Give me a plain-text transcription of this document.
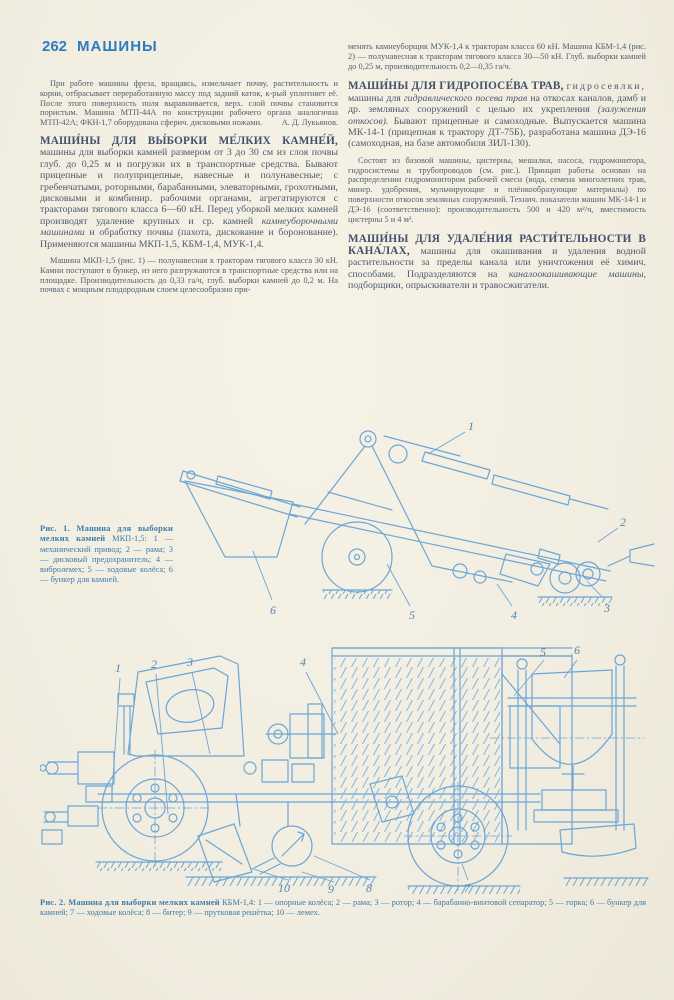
262 МАШИНЫ

При работе машины фреза, вращаясь, измельчает почву, растительность и корни, отбрасывает переработанную массу под задний каток, к-рый уплотняет её. После этого поверхность поля выравнивается, верх. слой почвы становится пористым. Машина МТП-44А по конструкции рабочего органа аналогична МТП-42А; ФКН-1,7 оборудована сферич. дисковыми ножами.	А. Д. Лукьянов.

МАШИ́НЫ ДЛЯ ВЫ́БОРКИ МЕ́ЛКИХ КАМНЕ́Й, машины для выборки камней размером от 3 до 30 см из слоя почвы глуб. до 0,25 м и погрузки их в транспортные средства. Бывают прицепные и полуприцепные, навесные и полунавесные; с гребенчатыми, роторными, барабанными, элеваторными, грохотными, дисковыми и комбинир. рабочими органами, агрегатируются с тракторами тягового класса 6—60 кН. Перед уборкой мелких камней производят удаление крупных и ср. камней камнеуборочными машинами и обработку почвы (пахота, дискование и боронование). Применяются машины МКП-1,5, КБМ-1,4, МУК-1,4.

Машина МКП-1,5 (рис. 1) — полунавесная к тракторам тягового класса 30 кН. Камни поступают в бункер, из него разгружаются в транспортные средства или на площадке. Производительность до 0,33 га/ч, глуб. выборки камней до 0,2 м. На почвах с мощным плодородным слоем целесообразно при-

менять камнеуборщик МУК-1,4 к тракторам класса 60 кН. Машина КБМ-1,4 (рис. 2) — полунавесная к тракторам тягового класса 30—50 кН. Глуб. выборки камней до 0,25 м, производительность 0,2—0,35 га/ч.

МАШИ́НЫ ДЛЯ ГИДРОПОСЕ́ВА ТРАВ, гидросеялки, машины для гидравлического посева трав на откосах каналов, дамб и др. земляных сооружений с целью их укрепления (залужения откосов). Бывают прицепные и самоходные. Выпускается машина МК-14-1 (прицепная к трактору ДТ-75Б), разработана машина ДЭ-16 (самоходная, на базе автомобиля ЗИЛ-130).

Состоят из базовой машины, цистерны, мешалки, насоса, гидромонитора, гидросистемы и трубопроводов (см. рис.). Принцип работы основан на распределении гидромонитором рабочей смеси (вода, семена многолетних трав, минер. удобрения, мульчирующие и плёнкообразующие материалы) по поверхности откосов земляных сооружений. Технич. показатели машин МК-14-1 и ДЭ-16 (соответственно): производительность 500 и 420 м²/ч, вместимость цистерны 5 и 4 м³.

МАШИ́НЫ ДЛЯ УДАЛЕ́НИЯ РАСТИ́ТЕЛЬНОСТИ В КАНА́ЛАХ, машины для окашивания и удаления водной растительности за пределы канала или уничтожения её химич. способами. Подразделяются на каналоокашивающие машины, подборщики, опрыскиватели и травосжигатели.

Рис. 1. Машина для выборки мелких камней МКП-1,5: 1 — механический привод; 2 — рама; 3 — дисковый предохранитель; 4 — вибролемех; 5 — ходовые колёса; 6 — бункер для камней.
1
2
3
4
5
6
1	2	3	4
5 6
7
8
9
10
Рис. 2. Машина для выборки мелких камней КБМ-1,4: 1 — опорные колёса; 2 — рама; 3 — ротор; 4 — барабанно-винтовой сепаратор; 5 — горка; 6 — бункер для камней; 7 — ходовые колёса; 8 — битер; 9 — прутковая решётка; 10 — лемех.
